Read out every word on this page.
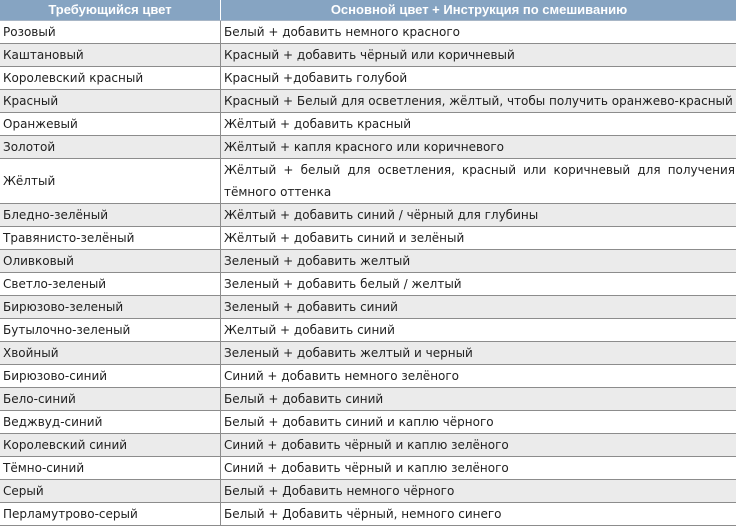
Требующийся цвет	Основной цвет + Инструкция по смешиванию
Розовый	Белый + добавить немного красного
Каштановый	Красный + добавить чёрный или коричневый
Королевский красный	Красный +добавить голубой
Красный	Красный + Белый для осветления, жёлтый, чтобы получить оранжево-красный
Оранжевый	Жёлтый + добавить красный
Золотой	Жёлтый + капля красного или коричневого
Жёлтый	Жёлтый + белый для осветления, красный или коричневый для получения тёмного оттенка

Бледно-зелёный	Жёлтый + добавить синий / чёрный для глубины
Травянисто-зелёный	Жёлтый + добавить синий и зелёный
Оливковый	Зеленый + добавить желтый
Светло-зеленый	Зеленый + добавить белый / желтый
Бирюзово-зеленый	Зеленый + добавить синий
Бутылочно-зеленый	Желтый + добавить синий
Хвойный	Зеленый + добавить желтый и черный
Бирюзово-синий	Синий + добавить немного зелёного
Бело-синий	Белый + добавить синий
Веджвуд-синий	Белый + добавить синий и каплю чёрного
Королевский синий	Синий + добавить чёрный и каплю зелёного
Тёмно-синий	Синий + добавить чёрный и каплю зелёного
Серый	Белый + Добавить немного чёрного
Перламутрово-серый	Белый + Добавить чёрный, немного синего
